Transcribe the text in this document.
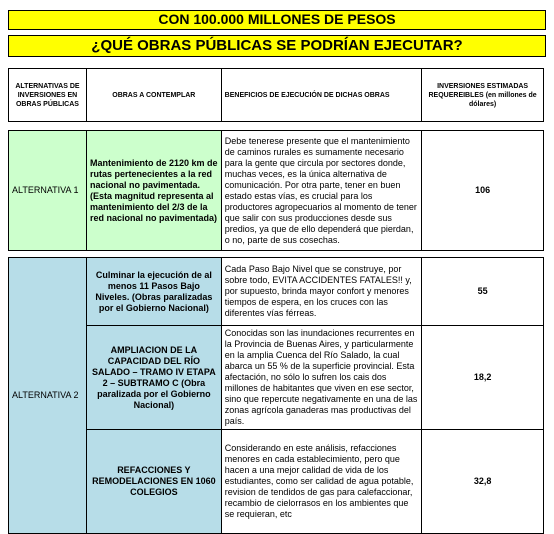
CON 100.000 MILLONES DE PESOS
¿QUÉ OBRAS PÚBLICAS SE PODRÍAN EJECUTAR?
ALTERNATIVAS DE INVERSIONES EN OBRAS PÚBLICAS	OBRAS A CONTEMPLAR	BENEFICIOS DE EJECUCIÓN DE DICHAS OBRAS	INVERSIONES ESTIMADAS REQUEREIBLES (en millones de dólares)
ALTERNATIVA 1	Mantenimiento de 2120 km de rutas pertenecientes a la red nacional no pavimentada. (Esta magnitud representa al mantenimiento del 2/3 de la red nacional no pavimentada)	Debe tenerese presente que el mantenimiento de caminos rurales es sumamente necesario para la gente que circula por sectores donde, muchas veces, es la única alternativa de comunicación. Por otra parte, tener en buen estado estas vías, es crucial para los productores agropecuarios al momento de tener que salir con sus producciones desde sus predios, ya que de ello dependerá que pierdan, o no, parte de sus cosechas.	106

ALTERNATIVA 2	Culminar la ejecución de al menos 11 Pasos Bajo Niveles. (Obras paralizadas por el Gobierno Nacional)	Cada Paso Bajo Nivel que se construye, por sobre todo, EVITA ACCIDENTES FATALES!! y, por supuesto, brinda mayor confort y menores tiempos de espera, en los cruces con las diferentes vías férreas.	55
	AMPLIACION DE LA CAPACIDAD DEL RÍO SALADO – TRAMO IV ETAPA 2 – SUBTRAMO C (Obra paralizada por el Gobierno Nacional)	Conocidas son las inundaciones recurrentes en la Provincia de Buenas Aires, y particularmente en la amplia Cuenca del Río Salado, la cual abarca un 55 % de la superficie provincial. Esta afectación, no sólo lo sufren los cais dos millones de habitantes que viven en ese sector, sino que repercute negativamente en una de las zonas agrícola ganaderas mas productivas del país.	18,2
	REFACCIONES Y REMODELACIONES EN 1060 COLEGIOS	Considerando en este análisis, refacciones menores en cada establecimiento, pero que hacen a una mejor calidad de vida de los estudiantes, como ser calidad de agua potable, revision de tendidos de gas para calefaccionar, recambio de cielorrasos en los ambientes que se requieran, etc	32,8
